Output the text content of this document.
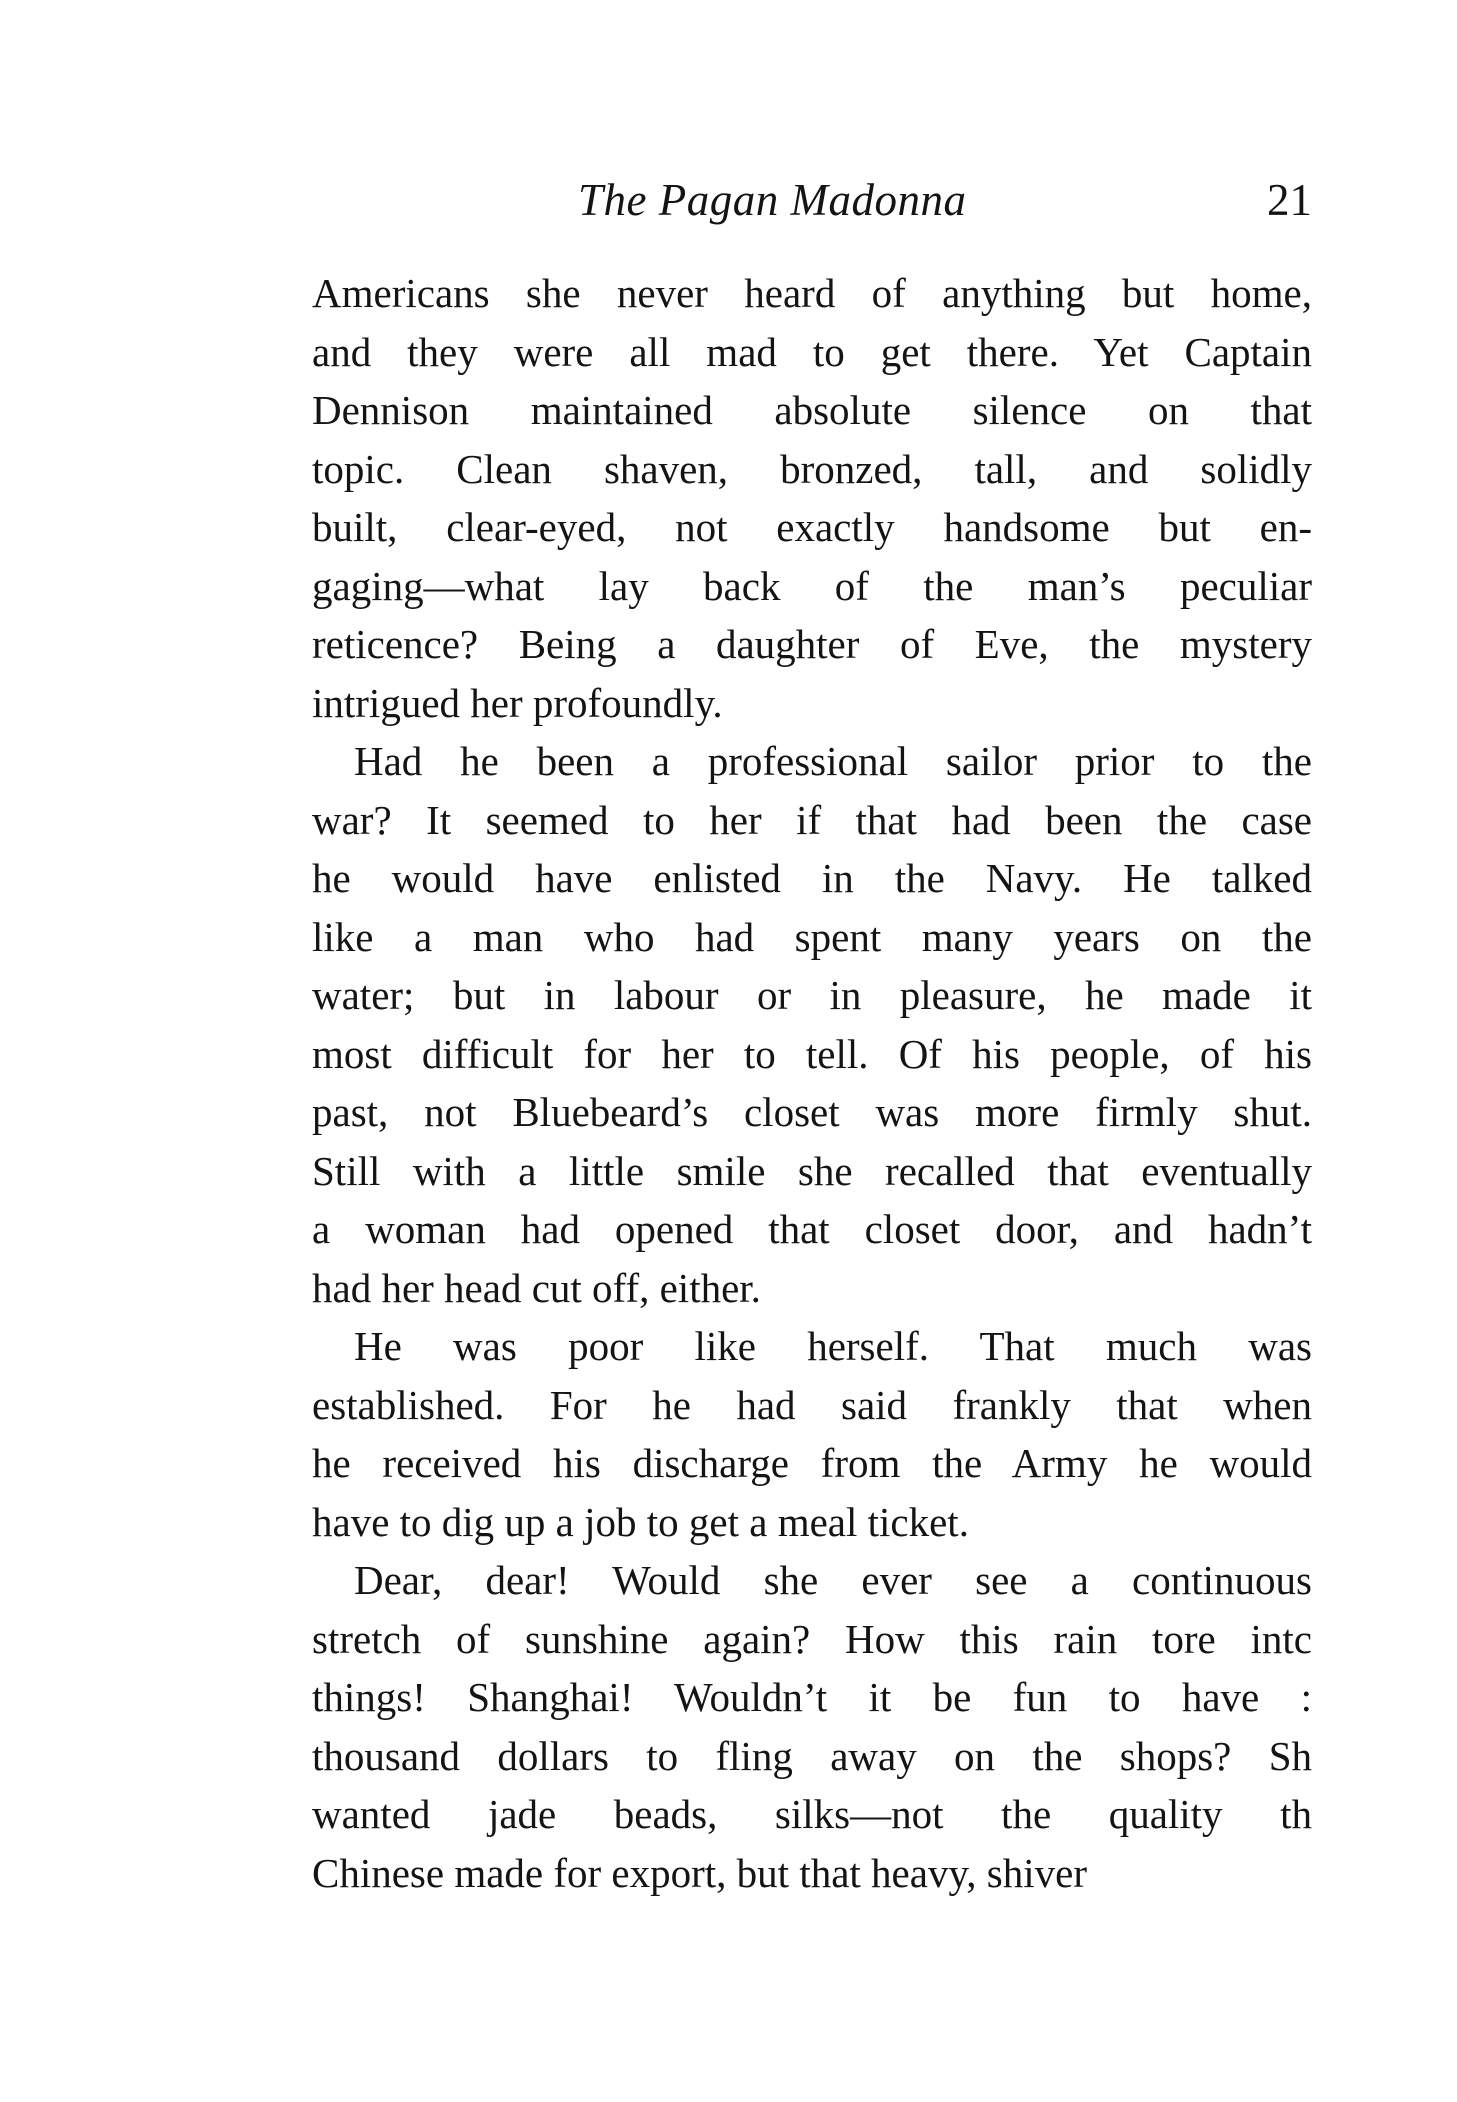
The Pagan Madonna	21
Americans she never heard of anything but home,
and they were all mad to get there. Yet Captain
Dennison maintained absolute silence on that
topic. Clean shaven, bronzed, tall, and solidly
built, clear-eyed, not exactly handsome but en-
gaging—what lay back of the man’s peculiar
reticence? Being a daughter of Eve, the mystery
intrigued her profoundly.
Had he been a professional sailor prior to the
war? It seemed to her if that had been the case
he would have enlisted in the Navy. He talked
like a man who had spent many years on the
water; but in labour or in pleasure, he made it
most difficult for her to tell. Of his people, of his
past, not Bluebeard’s closet was more firmly shut.
Still with a little smile she recalled that eventually
a woman had opened that closet door, and hadn’t
had her head cut off, either.
He was poor like herself. That much was
established. For he had said frankly that when
he received his discharge from the Army he would
have to dig up a job to get a meal ticket.
Dear, dear! Would she ever see a continuous
stretch of sunshine again? How this rain tore intc
things! Shanghai! Wouldn’t it be fun to have :
thousand dollars to fling away on the shops? Sh
wanted jade beads, silks—not the quality th
Chinese made for export, but that heavy, shiver
